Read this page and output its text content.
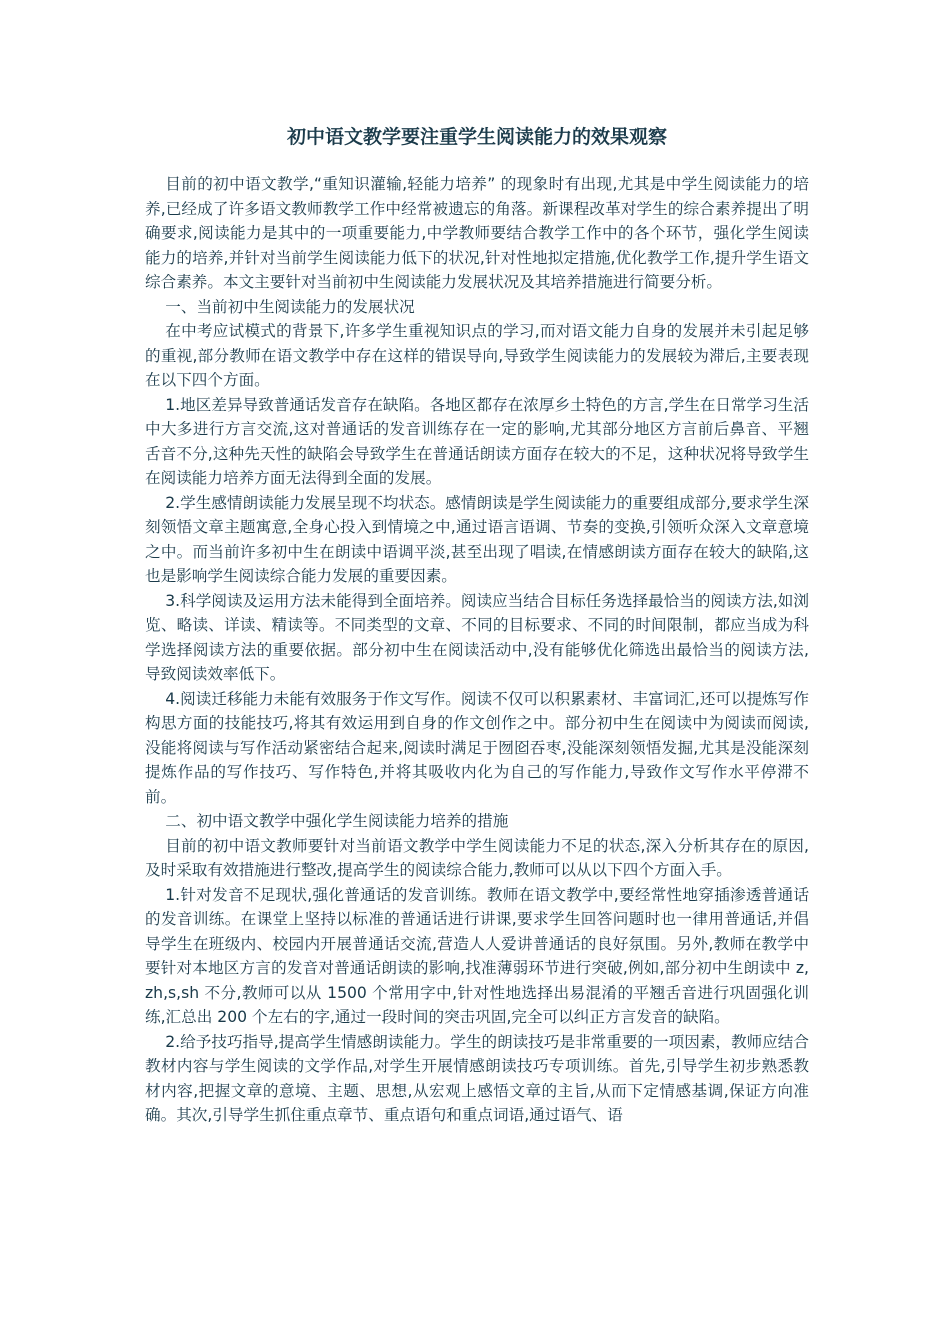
初中语文教学要注重学生阅读能力的效果观察

目前的初中语文教学,“重知识灌输,轻能力培养” 的现象时有出现,尤其是中学生阅读能力的培养,已经成了许多语文教师教学工作中经常被遗忘的角落。新课程改革对学生的综合素养提出了明确要求,阅读能力是其中的一项重要能力,中学教师要结合教学工作中的各个环节，强化学生阅读能力的培养,并针对当前学生阅读能力低下的状况,针对性地拟定措施,优化教学工作,提升学生语文综合素养。本文主要针对当前初中生阅读能力发展状况及其培养措施进行简要分析。

一、当前初中生阅读能力的发展状况

在中考应试模式的背景下,许多学生重视知识点的学习,而对语文能力自身的发展并未引起足够的重视,部分教师在语文教学中存在这样的错误导向,导致学生阅读能力的发展较为滞后,主要表现在以下四个方面。

1.地区差异导致普通话发音存在缺陷。各地区都存在浓厚乡土特色的方言,学生在日常学习生活中大多进行方言交流,这对普通话的发音训练存在一定的影响,尤其部分地区方言前后鼻音、平翘舌音不分,这种先天性的缺陷会导致学生在普通话朗读方面存在较大的不足，这种状况将导致学生在阅读能力培养方面无法得到全面的发展。

2.学生感情朗读能力发展呈现不均状态。感情朗读是学生阅读能力的重要组成部分,要求学生深刻领悟文章主题寓意,全身心投入到情境之中,通过语言语调、节奏的变换,引领听众深入文章意境之中。而当前许多初中生在朗读中语调平淡,甚至出现了唱读,在情感朗读方面存在较大的缺陷,这也是影响学生阅读综合能力发展的重要因素。

3.科学阅读及运用方法未能得到全面培养。阅读应当结合目标任务选择最恰当的阅读方法,如浏览、略读、详读、精读等。不同类型的文章、不同的目标要求、不同的时间限制，都应当成为科学选择阅读方法的重要依据。部分初中生在阅读活动中,没有能够优化筛选出最恰当的阅读方法,导致阅读效率低下。

4.阅读迁移能力未能有效服务于作文写作。阅读不仅可以积累素材、丰富词汇,还可以提炼写作构思方面的技能技巧,将其有效运用到自身的作文创作之中。部分初中生在阅读中为阅读而阅读,没能将阅读与写作活动紧密结合起来,阅读时满足于囫囵吞枣,没能深刻领悟发掘,尤其是没能深刻提炼作品的写作技巧、写作特色,并将其吸收内化为自己的写作能力,导致作文写作水平停滞不前。

二、初中语文教学中强化学生阅读能力培养的措施

目前的初中语文教师要针对当前语文教学中学生阅读能力不足的状态,深入分析其存在的原因,及时采取有效措施进行整改,提高学生的阅读综合能力,教师可以从以下四个方面入手。

1.针对发音不足现状,强化普通话的发音训练。教师在语文教学中,要经常性地穿插渗透普通话的发音训练。在课堂上坚持以标准的普通话进行讲课,要求学生回答问题时也一律用普通话,并倡导学生在班级内、校园内开展普通话交流,营造人人爱讲普通话的良好氛围。另外,教师在教学中要针对本地区方言的发音对普通话朗读的影响,找准薄弱环节进行突破,例如,部分初中生朗读中 z,zh,s,sh 不分,教师可以从 1500 个常用字中,针对性地选择出易混淆的平翘舌音进行巩固强化训练,汇总出 200 个左右的字,通过一段时间的突击巩固,完全可以纠正方言发音的缺陷。

2.给予技巧指导,提高学生情感朗读能力。学生的朗读技巧是非常重要的一项因素，教师应结合教材内容与学生阅读的文学作品,对学生开展情感朗读技巧专项训练。首先,引导学生初步熟悉教材内容,把握文章的意境、主题、思想,从宏观上感悟文章的主旨,从而下定情感基调,保证方向准确。其次,引导学生抓住重点章节、重点语句和重点词语,通过语气、语
